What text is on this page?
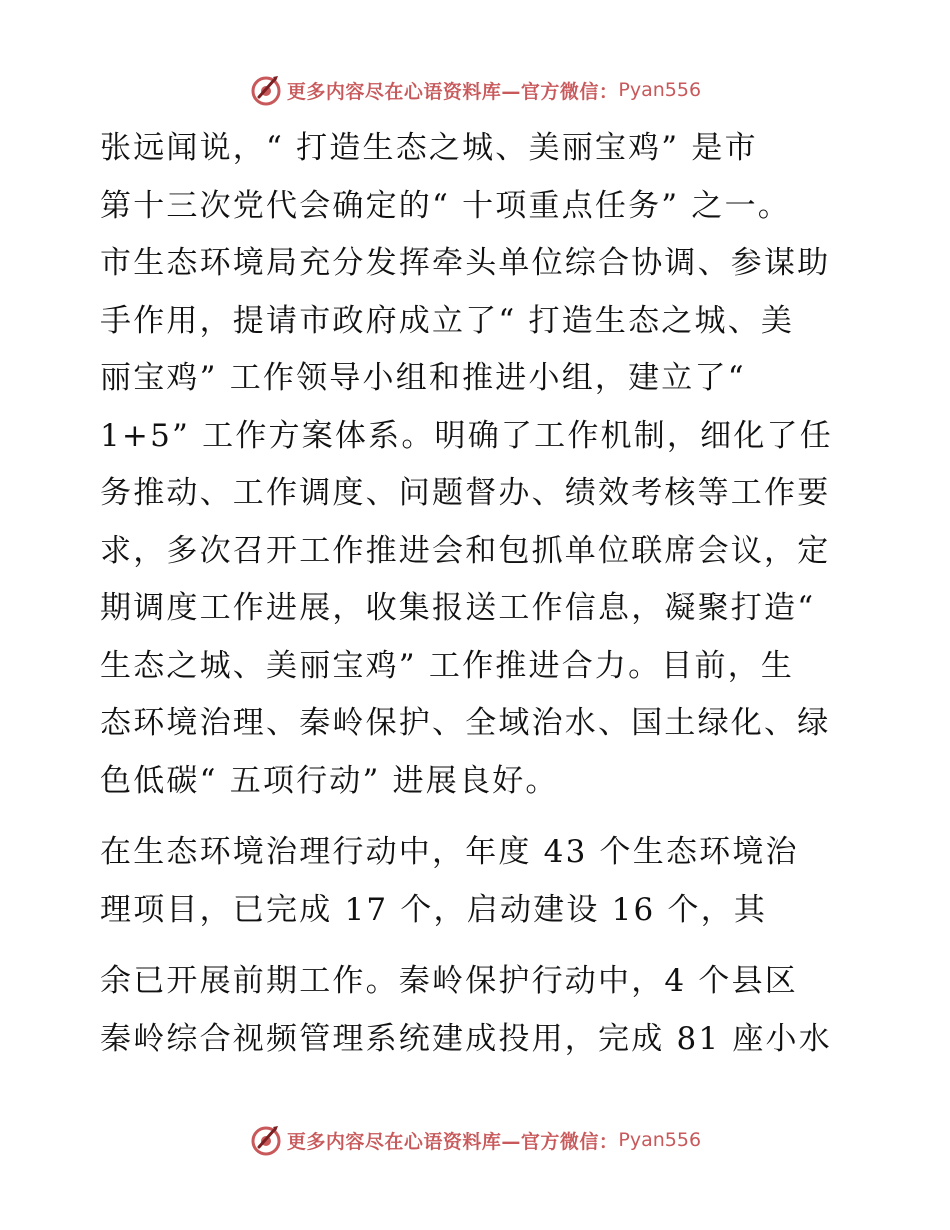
更多内容尽在心语资料库—官方微信： Pyan556
张远闻说，“ 打造生态之城、美丽宝鸡” 是市
第十三次党代会确定的“ 十项重点任务” 之一。
市生态环境局充分发挥牵头单位综合协调、参谋助
手作用，提请市政府成立了“ 打造生态之城、美
丽宝鸡” 工作领导小组和推进小组，建立了“
1+5” 工作方案体系。明确了工作机制，细化了任
务推动、工作调度、问题督办、绩效考核等工作要
求，多次召开工作推进会和包抓单位联席会议，定
期调度工作进展，收集报送工作信息，凝聚打造“
生态之城、美丽宝鸡” 工作推进合力。目前，生
态环境治理、秦岭保护、全域治水、国土绿化、绿
色低碳“ 五项行动” 进展良好。
在生态环境治理行动中，年度 43 个生态环境治
理项目，已完成 17 个，启动建设 16 个，其
余已开展前期工作。秦岭保护行动中，4 个县区
秦岭综合视频管理系统建成投用，完成 81 座小水
更多内容尽在心语资料库—官方微信： Pyan556
